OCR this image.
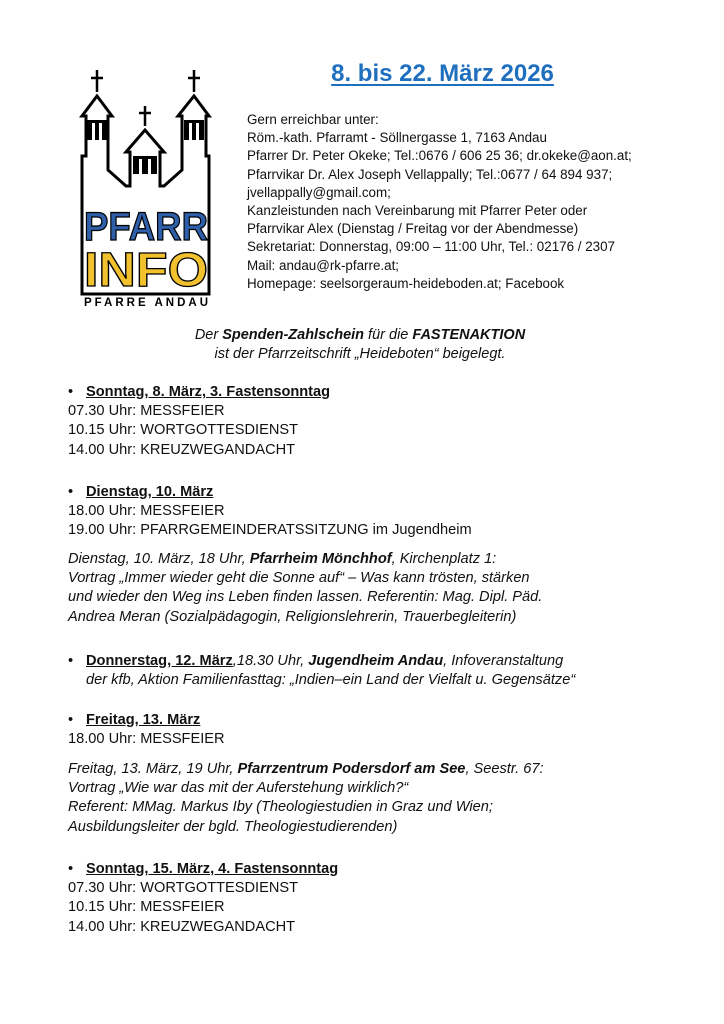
PFARR
INFO
PFARRE ANDAU
8. bis 22. März 2026
Gern erreichbar unter:
Röm.-kath. Pfarramt - Söllnergasse 1, 7163 Andau
Pfarrer Dr. Peter Okeke; Tel.:0676 / 606 25 36; dr.okeke@aon.at;
Pfarrvikar Dr. Alex Joseph Vellappally; Tel.:0677 / 64 894 937;
jvellappally@gmail.com;
Kanzleistunden nach Vereinbarung mit Pfarrer Peter oder
Pfarrvikar Alex (Dienstag / Freitag vor der Abendmesse)
Sekretariat: Donnerstag, 09:00 – 11:00 Uhr, Tel.: 02176 / 2307
Mail: andau@rk-pfarre.at;
Homepage: seelsorgeraum-heideboden.at; Facebook
Der Spenden-Zahlschein für die FASTENAKTION
ist der Pfarrzeitschrift „Heideboten“ beigelegt.
• Sonntag, 8. März, 3. Fastensonntag
07.30 Uhr: MESSFEIER
10.15 Uhr: WORTGOTTESDIENST
14.00 Uhr: KREUZWEGANDACHT
• Dienstag, 10. März
18.00 Uhr: MESSFEIER
19.00 Uhr: PFARRGEMEINDERATSSITZUNG im Jugendheim
Dienstag, 10. März, 18 Uhr, Pfarrheim Mönchhof, Kirchenplatz 1:
Vortrag „Immer wieder geht die Sonne auf“ – Was kann trösten, stärken
und wieder den Weg ins Leben finden lassen. Referentin: Mag. Dipl. Päd.
Andrea Meran (Sozialpädagogin, Religionslehrerin, Trauerbegleiterin)
• Donnerstag, 12. März,18.30 Uhr, Jugendheim Andau, Infoveranstaltung
der kfb, Aktion Familienfasttag: „Indien–ein Land der Vielfalt u. Gegensätze“
• Freitag, 13. März
18.00 Uhr: MESSFEIER
Freitag, 13. März, 19 Uhr, Pfarrzentrum Podersdorf am See, Seestr. 67:
Vortrag „Wie war das mit der Auferstehung wirklich?“
Referent: MMag. Markus Iby (Theologiestudien in Graz und Wien;
Ausbildungsleiter der bgld. Theologiestudierenden)
• Sonntag, 15. März, 4. Fastensonntag
07.30 Uhr: WORTGOTTESDIENST
10.15 Uhr: MESSFEIER
14.00 Uhr: KREUZWEGANDACHT
